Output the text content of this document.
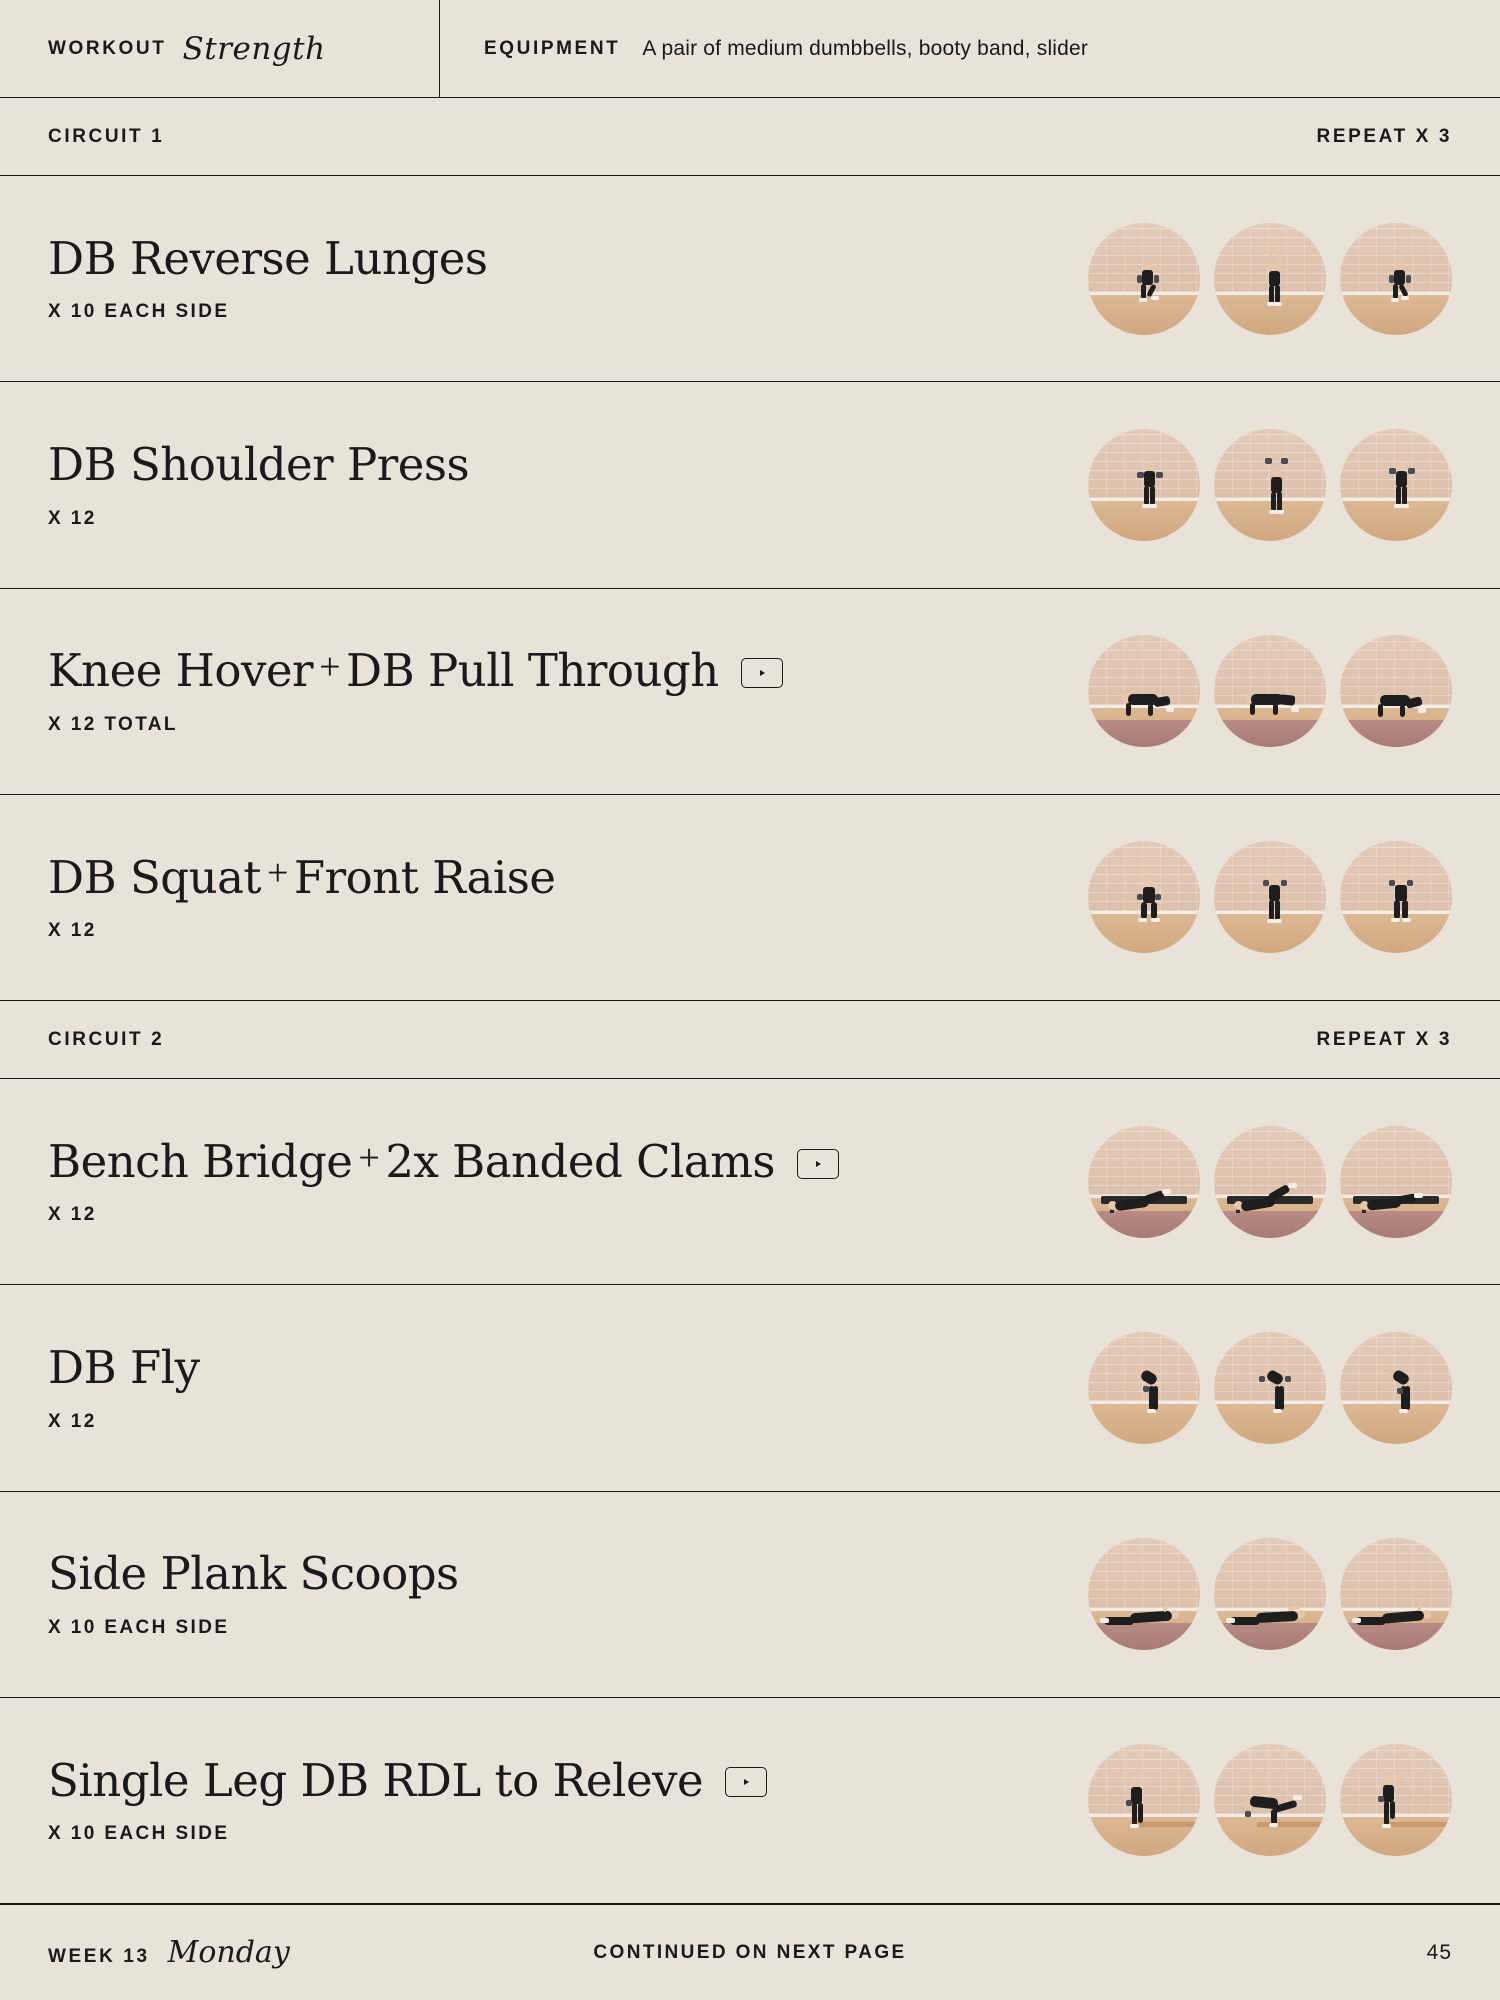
WORKOUT Strength	EQUIPMENT A pair of medium dumbbells, booty band, slider
CIRCUIT 1	REPEAT X 3
DB Reverse Lunges
X 10 EACH SIDE
DB Shoulder Press
X 12
Knee Hover + DB Pull Through
X 12 TOTAL
DB Squat + Front Raise
X 12
CIRCUIT 2	REPEAT X 3
Bench Bridge + 2x Banded Clams
X 12
DB Fly
X 12
Side Plank Scoops
X 10 EACH SIDE
Single Leg DB RDL to Releve
X 10 EACH SIDE
WEEK 13 Monday	CONTINUED ON NEXT PAGE	45
